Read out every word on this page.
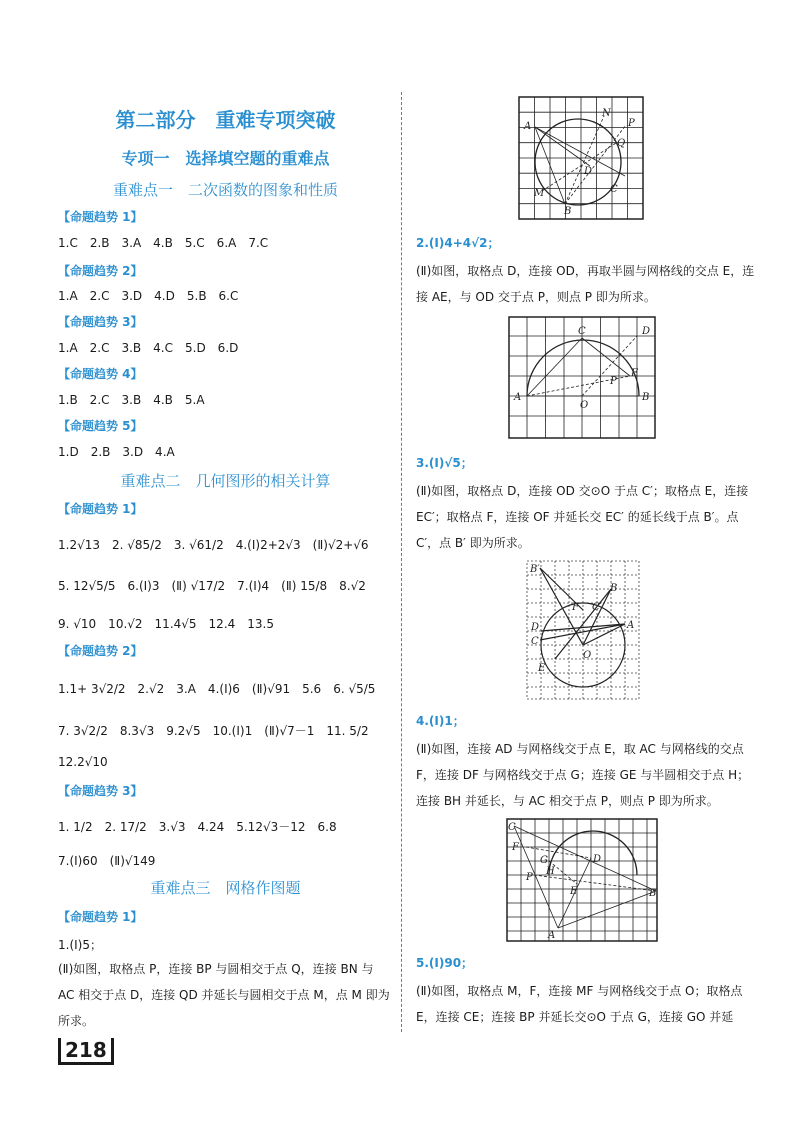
第二部分　重难专项突破
专项一　选择填空题的重难点
重难点一　二次函数的图象和性质
【命题趋势 1】
1.C　2.B　3.A　4.B　5.C　6.A　7.C
【命题趋势 2】
1.A　2.C　3.D　4.D　5.B　6.C
【命题趋势 3】
1.A　2.C　3.B　4.C　5.D　6.D
【命题趋势 4】
1.B　2.C　3.B　4.B　5.A
【命题趋势 5】
1.D　2.B　3.D　4.A
重难点二　几何图形的相关计算
【命题趋势 1】
1.2√13　2. √85/2　3. √61/2　4.(Ⅰ)2+2√3　(Ⅱ)√2+√6
5. 12√5/5　6.(Ⅰ)3　(Ⅱ) √17/2　7.(Ⅰ)4　(Ⅱ) 15/8　8.√2
9. √10　10.√2　11.4√5　12.4　13.5
【命题趋势 2】
1.1+ 3√2/2　2.√2　3.A　4.(Ⅰ)6　(Ⅱ)√91　5.6　6. √5/5
7. 3√2/2　8.3√3　9.2√5　10.(Ⅰ)1　(Ⅱ)√7－1　11. 5/2
12.2√10
【命题趋势 3】
1. 1/2　2. 17/2　3.√3　4.24　5.12√3－12　6.8
7.(Ⅰ)60　(Ⅱ)√149
重难点三　网格作图题
【命题趋势 1】
1.(Ⅰ)5；
(Ⅱ)如图，取格点 P，连接 BP 与圆相交于点 Q，连接 BN 与 AC 相交于点 D，连接 QD 并延长与圆相交于点 M，点 M 即为所求。
A
N
P
Q
D
M
B
C
2.(Ⅰ)4+4√2；
(Ⅱ)如图，取格点 D，连接 OD，再取半圆与网格线的交点 E，连接 AE，与 OD 交于点 P，则点 P 即为所求。
C	D
A
O
B
E
P
3.(Ⅰ)√5；
(Ⅱ)如图，取格点 D，连接 OD 交⊙O 于点 C′；取格点 E，连接 EC′；取格点 F，连接 OF 并延长交 EC′ 的延长线于点 B′。点 C′，点 B′ 即为所求。
B′
B
F C′
A
D
O
C
E
4.(Ⅰ)1；
(Ⅱ)如图，连接 AD 与网格线交于点 E，取 AC 与网格线的交点 F，连接 DF 与网格线交于点 G；连接 GE 与半圆相交于点 H；连接 BH 并延长，与 AC 相交于点 P，则点 P 即为所求。
C
F
G
H
D
P
E	B
A
5.(Ⅰ)90；
(Ⅱ)如图，取格点 M，F，连接 MF 与网格线交于点 O；取格点 E，连接 CE；连接 BP 并延长交⊙O 于点 G，连接 GO 并延
218
